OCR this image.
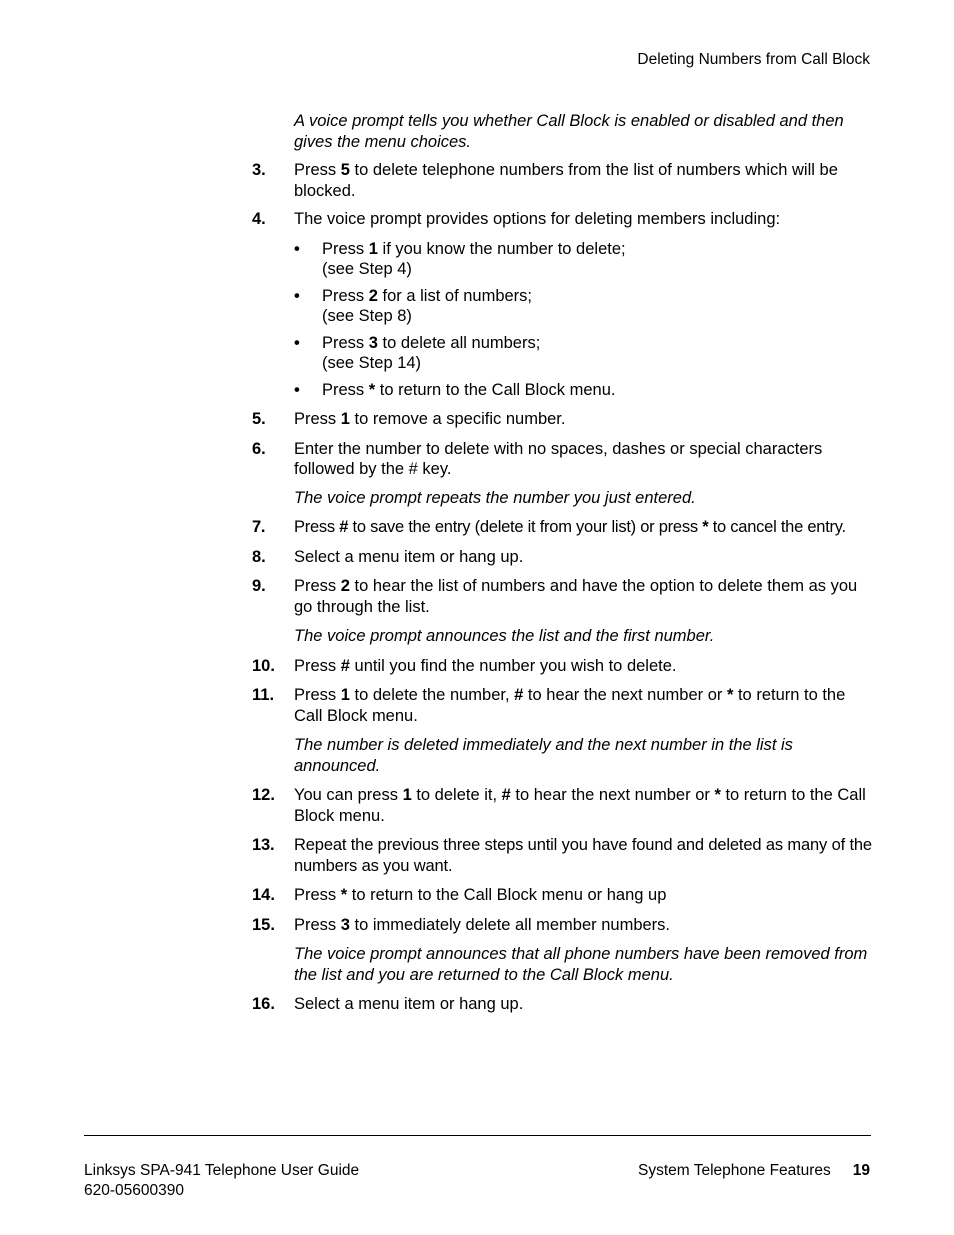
Deleting Numbers from Call Block
A voice prompt tells you whether Call Block is enabled or disabled and then gives the menu choices.
3. Press 5 to delete telephone numbers from the list of numbers which will be blocked.
4. The voice prompt provides options for deleting members including:
• Press 1 if you know the number to delete;
(see Step 4)
• Press 2 for a list of numbers;
(see Step 8)
• Press 3 to delete all numbers;
(see Step 14)
• Press * to return to the Call Block menu.
5. Press 1 to remove a specific number.
6. Enter the number to delete with no spaces, dashes or special characters followed by the # key.
The voice prompt repeats the number you just entered.
7. Press # to save the entry (delete it from your list) or press * to cancel the entry.
8. Select a menu item or hang up.
9. Press 2 to hear the list of numbers and have the option to delete them as you go through the list.
The voice prompt announces the list and the first number.
10. Press # until you find the number you wish to delete.
11. Press 1 to delete the number, # to hear the next number or * to return to the Call Block menu.
The number is deleted immediately and the next number in the list is announced.
12. You can press 1 to delete it, # to hear the next number or * to return to the Call Block menu.
13. Repeat the previous three steps until you have found and deleted as many of the numbers as you want.
14. Press * to return to the Call Block menu or hang up
15. Press 3 to immediately delete all member numbers.
The voice prompt announces that all phone numbers have been removed from the list and you are returned to the Call Block menu.
16. Select a menu item or hang up.
Linksys SPA-941 Telephone User Guide
620-05600390
System Telephone Features 19
